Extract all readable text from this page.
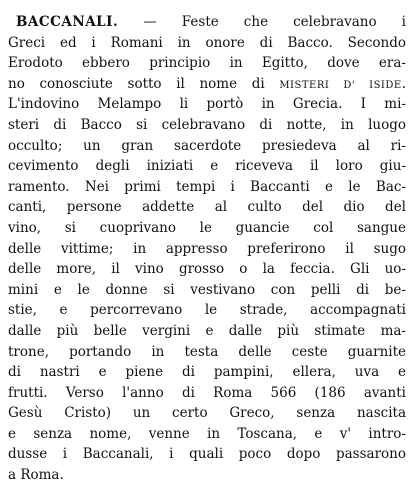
BACCANALI. — Feste che celebravano i
Greci ed i Romani in onore di Bacco. Secondo
Erodoto ebbero principio in Egitto, dove era-
no conosciute sotto il nome di MISTERI D' ISIDE.
L'indovino Melampo li portò in Grecia. I mi-
steri di Bacco si celebravano di notte, in luogo
occulto; un gran sacerdote presiedeva al ri-
cevimento degli iniziati e riceveva il loro giu-
ramento. Nei primi tempi i Baccanti e le Bac-
canti, persone addette al culto del dio del
vino, si cuoprivano le guancie col sangue
delle vittime; in appresso preferirono il sugo
delle more, il vino grosso o la feccia. Gli uo-
mini e le donne si vestivano con pelli di be-
stie, e percorrevano le strade, accompagnati
dalle più belle vergini e dalle più stimate ma-
trone, portando in testa delle ceste guarnite
di nastri e piene di pampini, ellera, uva e
frutti. Verso l'anno di Roma 566 (186 avanti
Gesù Cristo) un certo Greco, senza nascita
e senza nome, venne in Toscana, e v' intro-
dusse i Baccanali, i quali poco dopo passarono
a Roma.
